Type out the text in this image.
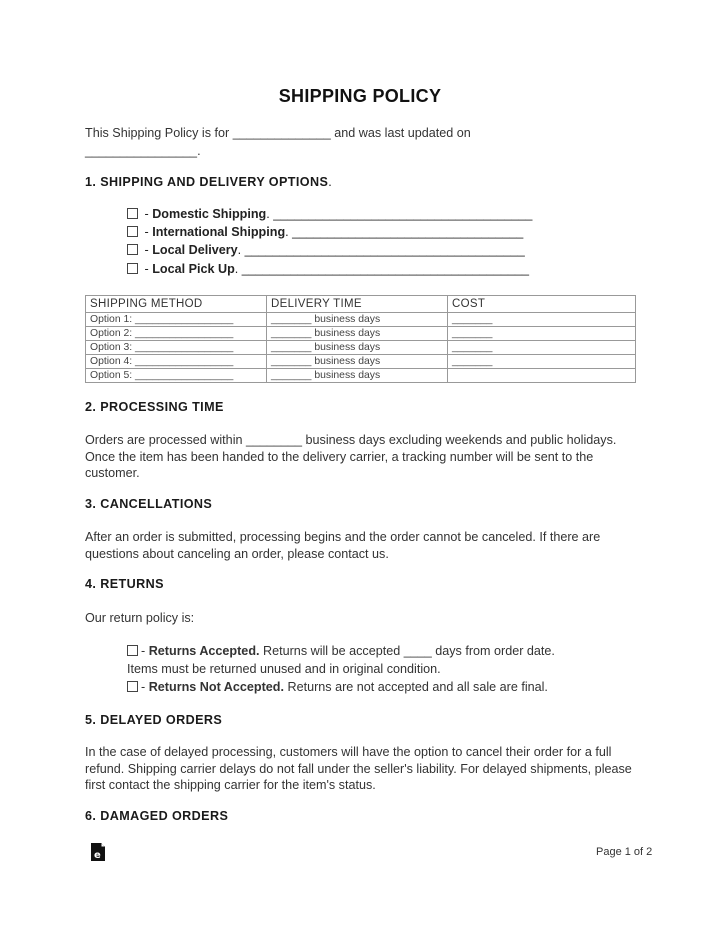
SHIPPING POLICY
This Shipping Policy is for ______________ and was last updated on
________________.
1. SHIPPING AND DELIVERY OPTIONS.
- Domestic Shipping. _____________________________________
- International Shipping. _________________________________
- Local Delivery. ________________________________________
- Local Pick Up. _________________________________________
SHIPPING METHOD	DELIVERY TIME	COST
Option 1: _________________	_______ business days	_______
Option 2: _________________	_______ business days	_______
Option 3: _________________	_______ business days	_______
Option 4: _________________	_______ business days	_______
Option 5: _________________	_______ business days	
2. PROCESSING TIME
Orders are processed within ________ business days excluding weekends and public holidays. Once the item has been handed to the delivery carrier, a tracking number will be sent to the customer.
3. CANCELLATIONS
After an order is submitted, processing begins and the order cannot be canceled. If there are questions about canceling an order, please contact us.
4. RETURNS
Our return policy is:
- Returns Accepted. Returns will be accepted ____ days from order date.
Items must be returned unused and in original condition.
- Returns Not Accepted. Returns are not accepted and all sale are final.
5. DELAYED ORDERS
In the case of delayed processing, customers will have the option to cancel their order for a full refund. Shipping carrier delays do not fall under the seller's liability. For delayed shipments, please first contact the shipping carrier for the item's status.
6. DAMAGED ORDERS
e	Page 1 of 2
